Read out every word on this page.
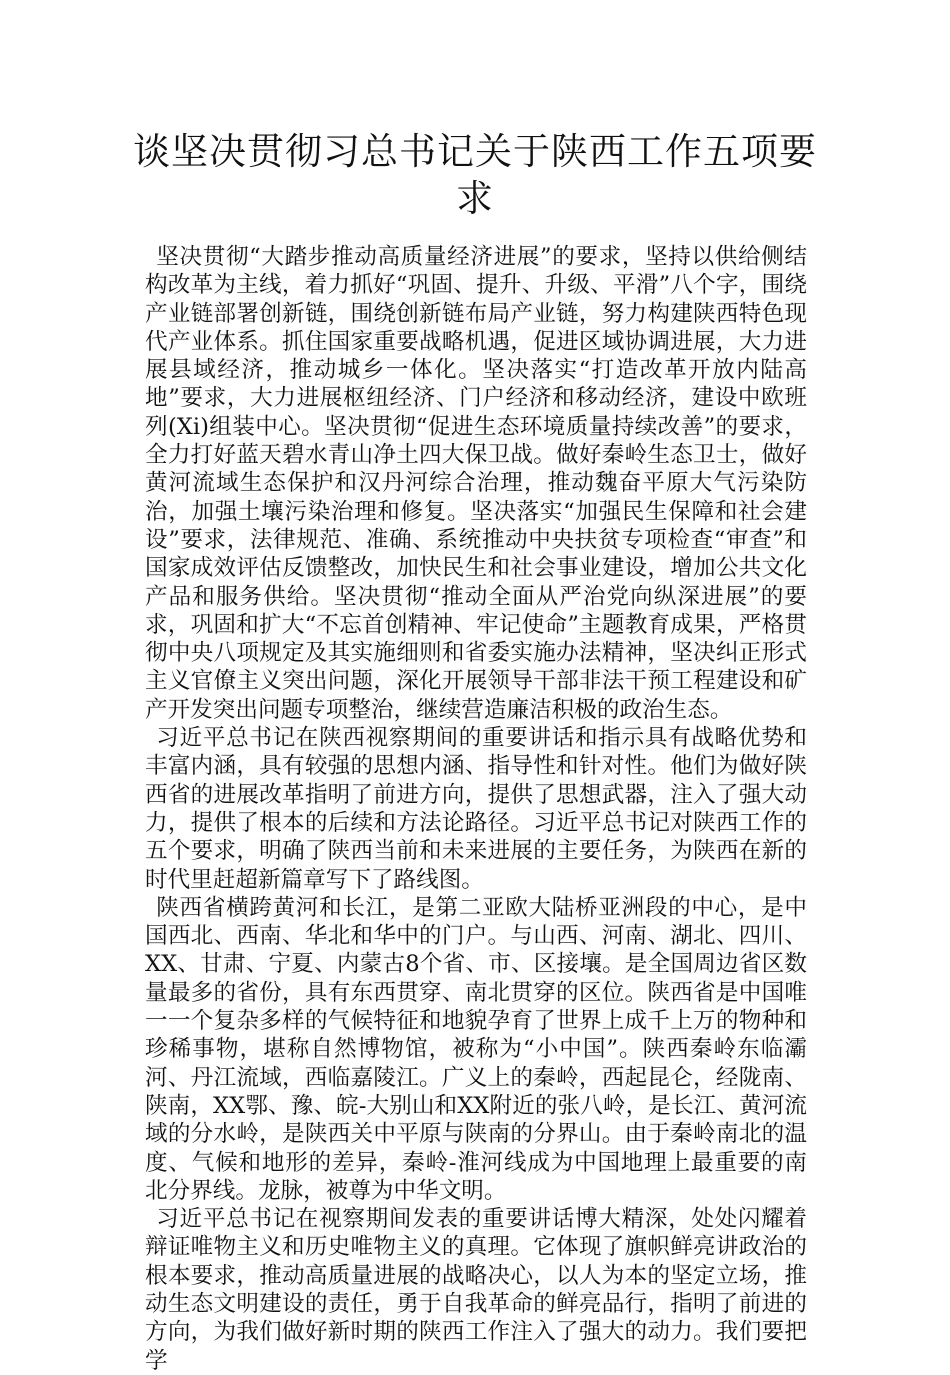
谈坚决贯彻习总书记关于陕西工作五项要求

坚决贯彻“大踏步推动高质量经济进展”的要求，坚持以供给侧结构改革为主线，着力抓好“巩固、提升、升级、平滑”八个字，围绕产业链部署创新链，围绕创新链布局产业链，努力构建陕西特色现代产业体系。抓住国家重要战略机遇，促进区域协调进展，大力进展县域经济，推动城乡一体化。坚决落实“打造改革开放内陆高地”要求，大力进展枢纽经济、门户经济和移动经济，建设中欧班列(Xi)组装中心。坚决贯彻“促进生态环境质量持续改善”的要求，全力打好蓝天碧水青山净土四大保卫战。做好秦岭生态卫士，做好黄河流域生态保护和汉丹河综合治理，推动魏奋平原大气污染防治，加强土壤污染治理和修复。坚决落实“加强民生保障和社会建设”要求，法律规范、准确、系统推动中央扶贫专项检查“审查”和国家成效评估反馈整改，加快民生和社会事业建设，增加公共文化产品和服务供给。坚决贯彻“推动全面从严治党向纵深进展”的要求，巩固和扩大“不忘首创精神、牢记使命”主题教育成果，严格贯彻中央八项规定及其实施细则和省委实施办法精神，坚决纠正形式主义官僚主义突出问题，深化开展领导干部非法干预工程建设和矿产开发突出问题专项整治，继续营造廉洁积极的政治生态。

习近平总书记在陕西视察期间的重要讲话和指示具有战略优势和丰富内涵，具有较强的思想内涵、指导性和针对性。他们为做好陕西省的进展改革指明了前进方向，提供了思想武器，注入了强大动力，提供了根本的后续和方法论路径。习近平总书记对陕西工作的五个要求，明确了陕西当前和未来进展的主要任务，为陕西在新的时代里赶超新篇章写下了路线图。

陕西省横跨黄河和长江，是第二亚欧大陆桥亚洲段的中心，是中国西北、西南、华北和华中的门户。与山西、河南、湖北、四川、XX、甘肃、宁夏、内蒙古8个省、市、区接壤。是全国周边省区数量最多的省份，具有东西贯穿、南北贯穿的区位。陕西省是中国唯一一个复杂多样的气候特征和地貌孕育了世界上成千上万的物种和珍稀事物，堪称自然博物馆，被称为“小中国”。陕西秦岭东临灞河、丹江流域，西临嘉陵江。广义上的秦岭，西起昆仑，经陇南、陕南，XX鄂、豫、皖-大别山和XX附近的张八岭，是长江、黄河流域的分水岭，是陕西关中平原与陕南的分界山。由于秦岭南北的温度、气候和地形的差异，秦岭-淮河线成为中国地理上最重要的南北分界线。龙脉，被尊为中华文明。

习近平总书记在视察期间发表的重要讲话博大精深，处处闪耀着辩证唯物主义和历史唯物主义的真理。它体现了旗帜鲜亮讲政治的根本要求，推动高质量进展的战略决心，以人为本的坚定立场，推动生态文明建设的责任，勇于自我革命的鲜亮品行，指明了前进的方向，为我们做好新时期的陕西工作注入了强大的动力。我们要把学
